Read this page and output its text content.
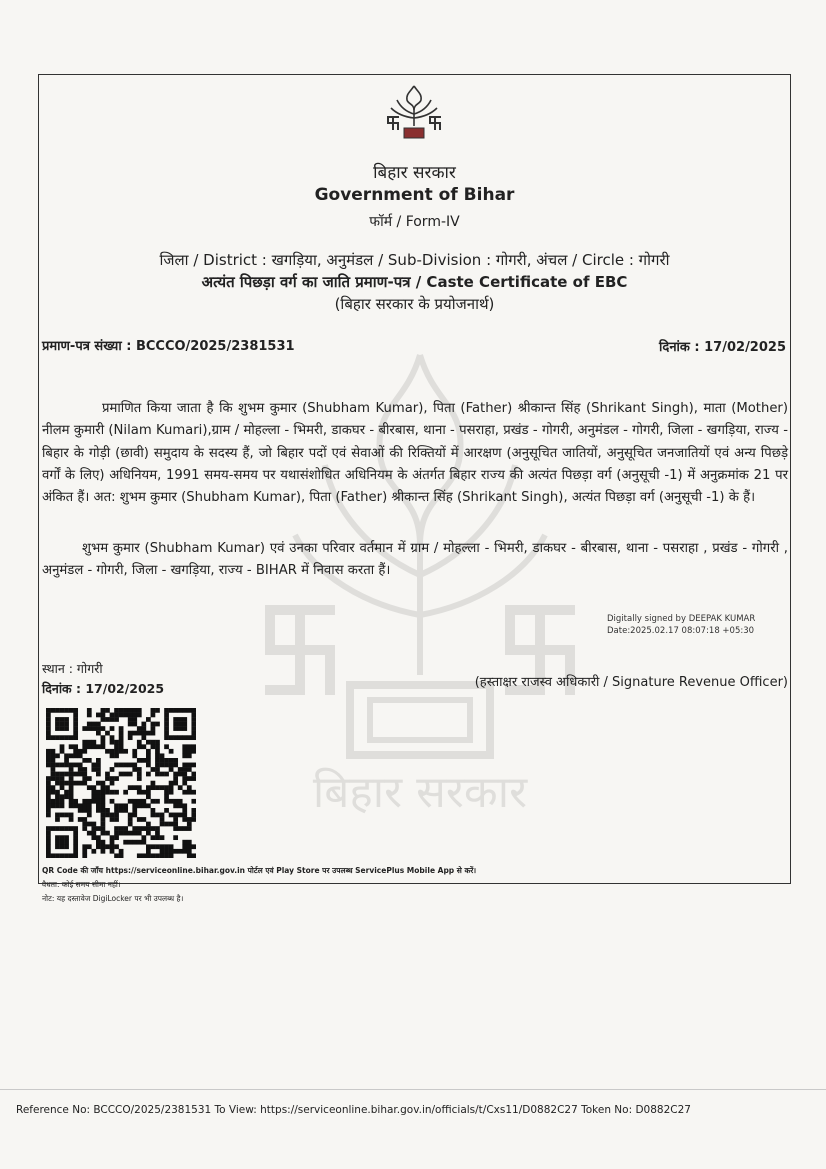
बिहार सरकार
बिहार सरकार
Government of Bihar
फॉर्म / Form-IV
जिला / District : खगड़िया, अनुमंडल / Sub-Division : गोगरी, अंचल / Circle : गोगरी
अत्यंत पिछड़ा वर्ग का जाति प्रमाण-पत्र / Caste Certificate of EBC
(बिहार सरकार के प्रयोजनार्थ)
प्रमाण-पत्र संख्या : BCCCO/2025/2381531	दिनांक : 17/02/2025
प्रमाणित किया जाता है कि शुभम कुमार (Shubham Kumar), पिता (Father) श्रीकान्त सिंह (Shrikant Singh), माता (Mother) नीलम कुमारी (Nilam Kumari),ग्राम / मोहल्ला - भिमरी, डाकघर - बीरबास, थाना - पसराहा, प्रखंड - गोगरी, अनुमंडल - गोगरी, जिला - खगड़िया, राज्य - बिहार के गोड़ी (छावी) समुदाय के सदस्य हैं, जो बिहार पदों एवं सेवाओं की रिक्तियों में आरक्षण (अनुसूचित जातियों, अनुसूचित जनजातियों एवं अन्य पिछड़े वर्गों के लिए) अधिनियम, 1991 समय-समय पर यथासंशोधित अधिनियम के अंतर्गत बिहार राज्य की अत्यंत पिछड़ा वर्ग (अनुसूची -1) में अनुक्रमांक 21 पर अंकित हैं। अत: शुभम कुमार (Shubham Kumar), पिता (Father) श्रीकान्त सिंह (Shrikant Singh), अत्यंत पिछड़ा वर्ग (अनुसूची -1) के हैं।
शुभम कुमार (Shubham Kumar) एवं उनका परिवार वर्तमान में ग्राम / मोहल्ला - भिमरी, डाकघर - बीरबास, थाना - पसराहा , प्रखंड - गोगरी , अनुमंडल - गोगरी, जिला - खगड़िया, राज्य - BIHAR में निवास करता हैं।
Digitally signed by DEEPAK KUMAR
Date:2025.02.17 08:07:18 +05:30
स्थान : गोगरी
दिनांक : 17/02/2025	(हस्ताक्षर राजस्व अधिकारी / Signature Revenue Officer)
QR Code की जाँच https://serviceonline.bihar.gov.in पोर्टल एवं Play Store पर उपलब्ध ServicePlus Mobile App से करें।
वैधता: कोई समय सीमा नहीं।
नोट: यह दस्तावेज DigiLocker पर भी उपलब्ध है।
Reference No: BCCCO/2025/2381531 To View: https://serviceonline.bihar.gov.in/officials/t/Cxs11/D0882C27 Token No: D0882C27
